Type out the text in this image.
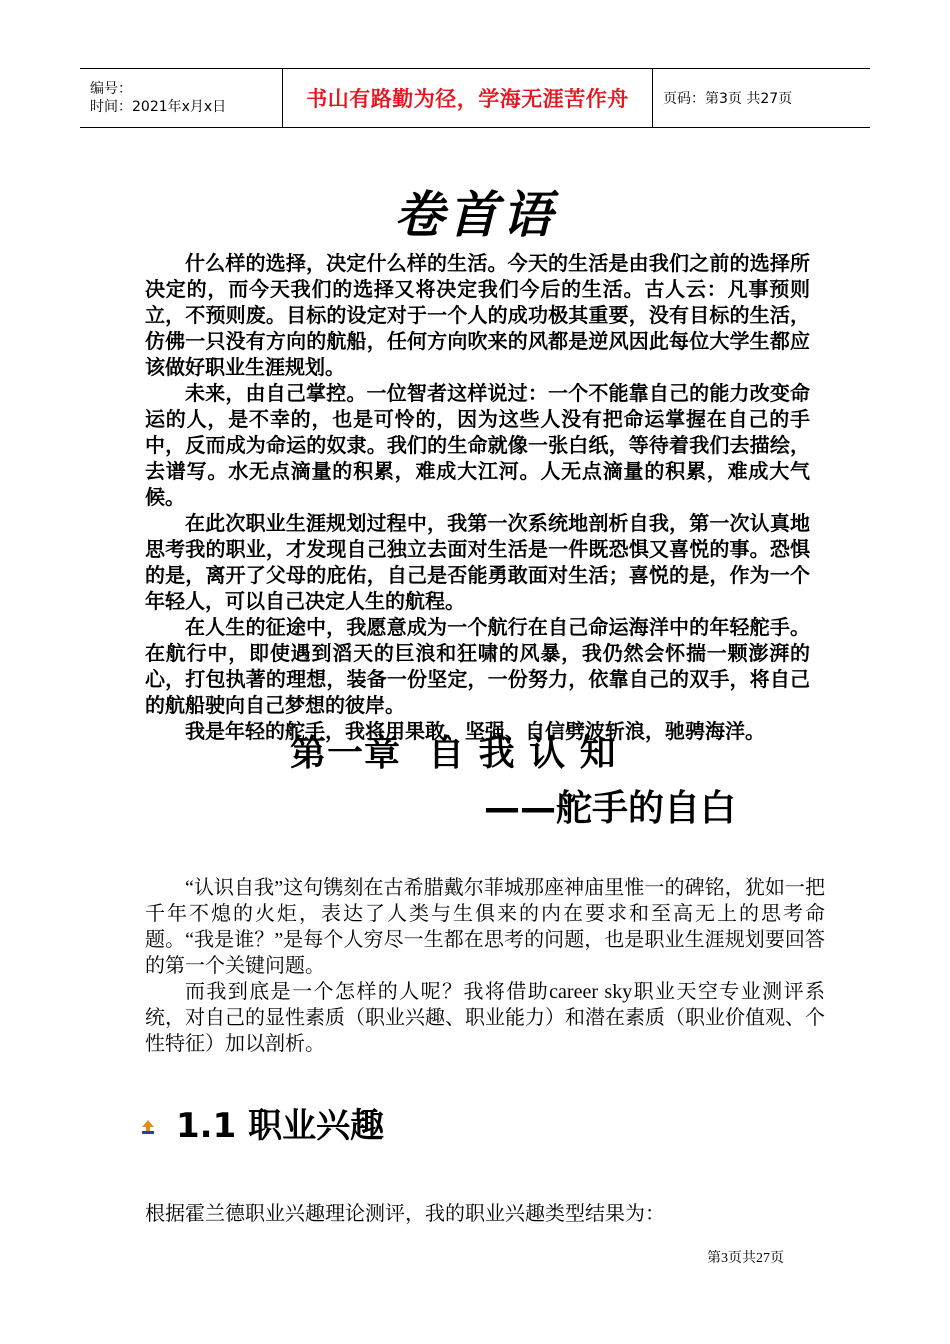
编号：
时间：2021年x月x日	书山有路勤为径，学海无涯苦作舟 页码：第3页 共27页
卷首语

什么样的选择，决定什么样的生活。今天的生活是由我们之前的选择所决定的，而今天我们的选择又将决定我们今后的生活。古人云：凡事预则立，不预则废。目标的设定对于一个人的成功极其重要，没有目标的生活，仿佛一只没有方向的航船，任何方向吹来的风都是逆风因此每位大学生都应该做好职业生涯规划。

未来，由自己掌控。一位智者这样说过：一个不能靠自己的能力改变命运的人，是不幸的，也是可怜的，因为这些人没有把命运掌握在自己的手中，反而成为命运的奴隶。我们的生命就像一张白纸，等待着我们去描绘，去谱写。水无点滴量的积累，难成大江河。人无点滴量的积累，难成大气候。

在此次职业生涯规划过程中，我第一次系统地剖析自我，第一次认真地思考我的职业，才发现自己独立去面对生活是一件既恐惧又喜悦的事。恐惧的是，离开了父母的庇佑，自己是否能勇敢面对生活；喜悦的是，作为一个年轻人，可以自己决定人生的航程。

在人生的征途中，我愿意成为一个航行在自己命运海洋中的年轻舵手。在航行中，即使遇到滔天的巨浪和狂啸的风暴，我仍然会怀揣一颗澎湃的心，打包执著的理想，装备一份坚定，一份努力，依靠自己的双手，将自己的航船驶向自己梦想的彼岸。

我是年轻的舵手，我将用果敢、坚强、自信劈波斩浪，驰骋海洋。

第一章  自 我 认 知
——舵手的自白

“认识自我”这句镌刻在古希腊戴尔菲城那座神庙里惟一的碑铭，犹如一把千年不熄的火炬，表达了人类与生俱来的内在要求和至高无上的思考命题。“我是谁？”是每个人穷尽一生都在思考的问题，也是职业生涯规划要回答的第一个关键问题。

而我到底是一个怎样的人呢？我将借助career sky职业天空专业测评系统，对自己的显性素质（职业兴趣、职业能力）和潜在素质（职业价值观、个性特征）加以剖析。

1.1 职业兴趣
根据霍兰德职业兴趣理论测评，我的职业兴趣类型结果为：
第3页共27页
